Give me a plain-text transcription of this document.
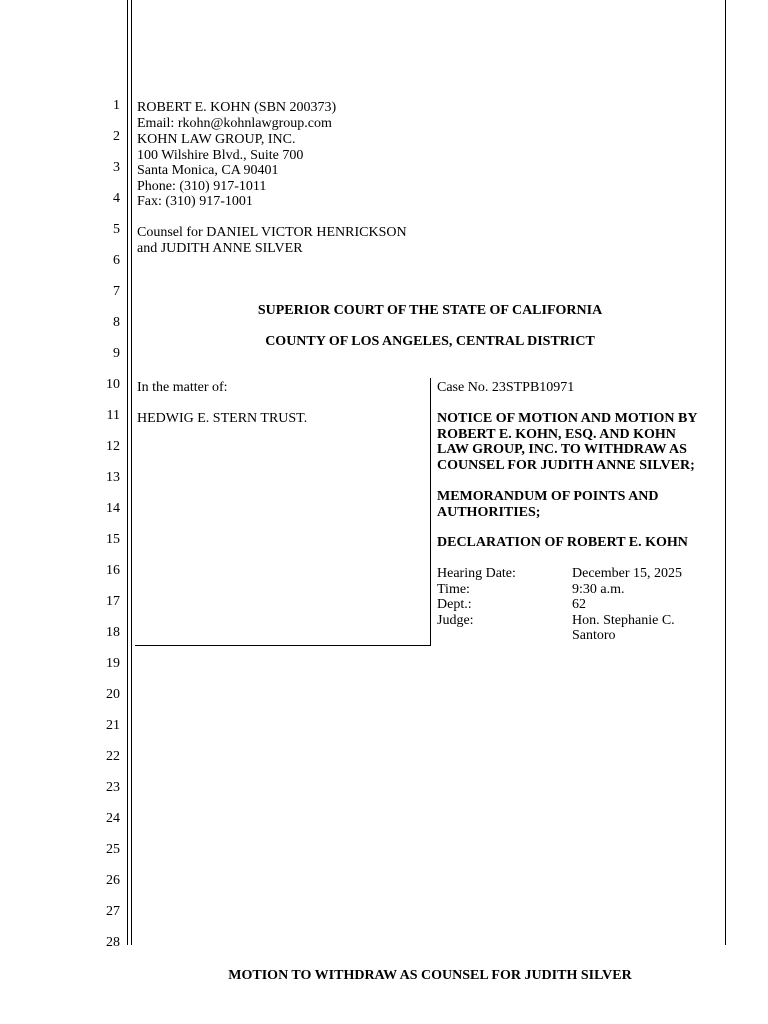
1
2
3
4
5
6
7
8
9
10
11
12
13
14
15
16
17
18
19
20
21
22
23
24
25
26
27
28
ROBERT E. KOHN (SBN 200373)
Email: rkohn@kohnlawgroup.com
KOHN LAW GROUP, INC.
100 Wilshire Blvd., Suite 700
Santa Monica, CA 90401
Phone: (310) 917-1011
Fax: (310) 917-1001
Counsel for DANIEL VICTOR HENRICKSON
and JUDITH ANNE SILVER
SUPERIOR COURT OF THE STATE OF CALIFORNIA
COUNTY OF LOS ANGELES, CENTRAL DISTRICT
In the matter of:
HEDWIG E. STERN TRUST.
Case No. 23STPB10971
NOTICE OF MOTION AND MOTION BY
ROBERT E. KOHN, ESQ. AND KOHN
LAW GROUP, INC. TO WITHDRAW AS
COUNSEL FOR JUDITH ANNE SILVER;
MEMORANDUM OF POINTS AND
AUTHORITIES;
DECLARATION OF ROBERT E. KOHN
Hearing Date:	December 15, 2025
Time:	9:30 a.m.
Dept.:	62
Judge:	Hon. Stephanie C.
Santoro
MOTION TO WITHDRAW AS COUNSEL FOR JUDITH SILVER
